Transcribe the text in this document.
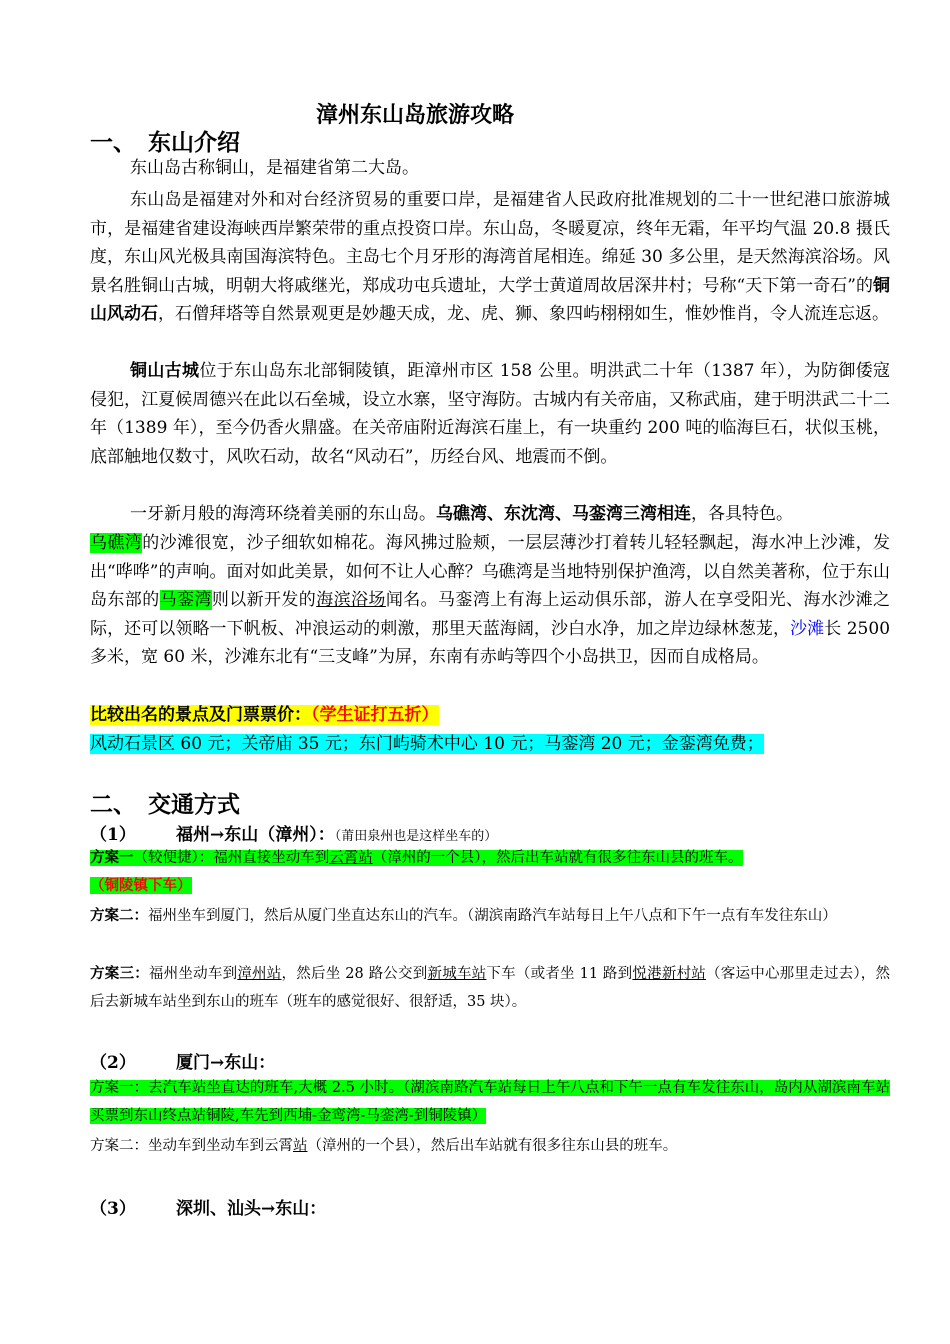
漳州东山岛旅游攻略
一、 东山介绍
东山岛古称铜山，是福建省第二大岛。
东山岛是福建对外和对台经济贸易的重要口岸，是福建省人民政府批准规划的二十一世纪港口旅游城市，是福建省建设海峡西岸繁荣带的重点投资口岸。东山岛，冬暖夏凉，终年无霜，年平均气温 20.8 摄氏度，东山风光极具南国海滨特色。主岛七个月牙形的海湾首尾相连。绵延 30 多公里，是天然海滨浴场。风景名胜铜山古城，明朝大将戚继光，郑成功屯兵遗址，大学士黄道周故居深井村；号称“天下第一奇石”的铜山风动石，石僧拜塔等自然景观更是妙趣天成，龙、虎、狮、象四屿栩栩如生，惟妙惟肖，令人流连忘返。
铜山古城位于东山岛东北部铜陵镇，距漳州市区 158 公里。明洪武二十年（1387 年），为防御倭寇侵犯，江夏候周德兴在此以石垒城，设立水寨，坚守海防。古城内有关帝庙，又称武庙，建于明洪武二十二年（1389 年），至今仍香火鼎盛。在关帝庙附近海滨石崖上，有一块重约 200 吨的临海巨石，状似玉桃，底部触地仅数寸，风吹石动，故名“风动石”，历经台风、地震而不倒。
一牙新月般的海湾环绕着美丽的东山岛。乌礁湾、东沈湾、马銮湾三湾相连，各具特色。
乌礁湾的沙滩很宽，沙子细软如棉花。海风拂过脸颊，一层层薄沙打着转儿轻轻飘起，海水冲上沙滩，发出“哗哗”的声响。面对如此美景，如何不让人心醉？乌礁湾是当地特别保护渔湾，以自然美著称，位于东山岛东部的马銮湾则以新开发的海滨浴场闻名。马銮湾上有海上运动俱乐部，游人在享受阳光、海水沙滩之际，还可以领略一下帆板、冲浪运动的刺激，那里天蓝海阔，沙白水净，加之岸边绿林葱茏，沙滩长 2500 多米，宽 60 米，沙滩东北有“三支峰”为屏，东南有赤屿等四个小岛拱卫，因而自成格局。
比较出名的景点及门票票价：（学生证打五折）
风动石景区 60 元；关帝庙 35 元；东门屿骑术中心 10 元；马銮湾 20 元；金銮湾免费；
二、 交通方式
（1） 福州→东山（漳州）：（莆田泉州也是这样坐车的）
方案一（较便捷）：福州直接坐动车到云霄站（漳州的一个县），然后出车站就有很多往东山县的班车。
（铜陵镇下车）
方案二：福州坐车到厦门，然后从厦门坐直达东山的汽车。（湖滨南路汽车站每日上午八点和下午一点有车发往东山）
方案三：福州坐动车到漳州站，然后坐 28 路公交到新城车站下车（或者坐 11 路到悦港新村站（客运中心那里走过去），然后去新城车站坐到东山的班车（班车的感觉很好、很舒适，35 块）。
（2） 厦门→东山：
方案一：去汽车站坐直达的班车,大概 2.5 小时。（湖滨南路汽车站每日上午八点和下午一点有车发往东山，岛内从湖滨南车站买票到东山终点站铜陵,车先到西埔-金鸾湾-马銮湾-到铜陵镇）
方案二：坐动车到坐动车到云霄站（漳州的一个县），然后出车站就有很多往东山县的班车。
（3） 深圳、汕头→东山：
